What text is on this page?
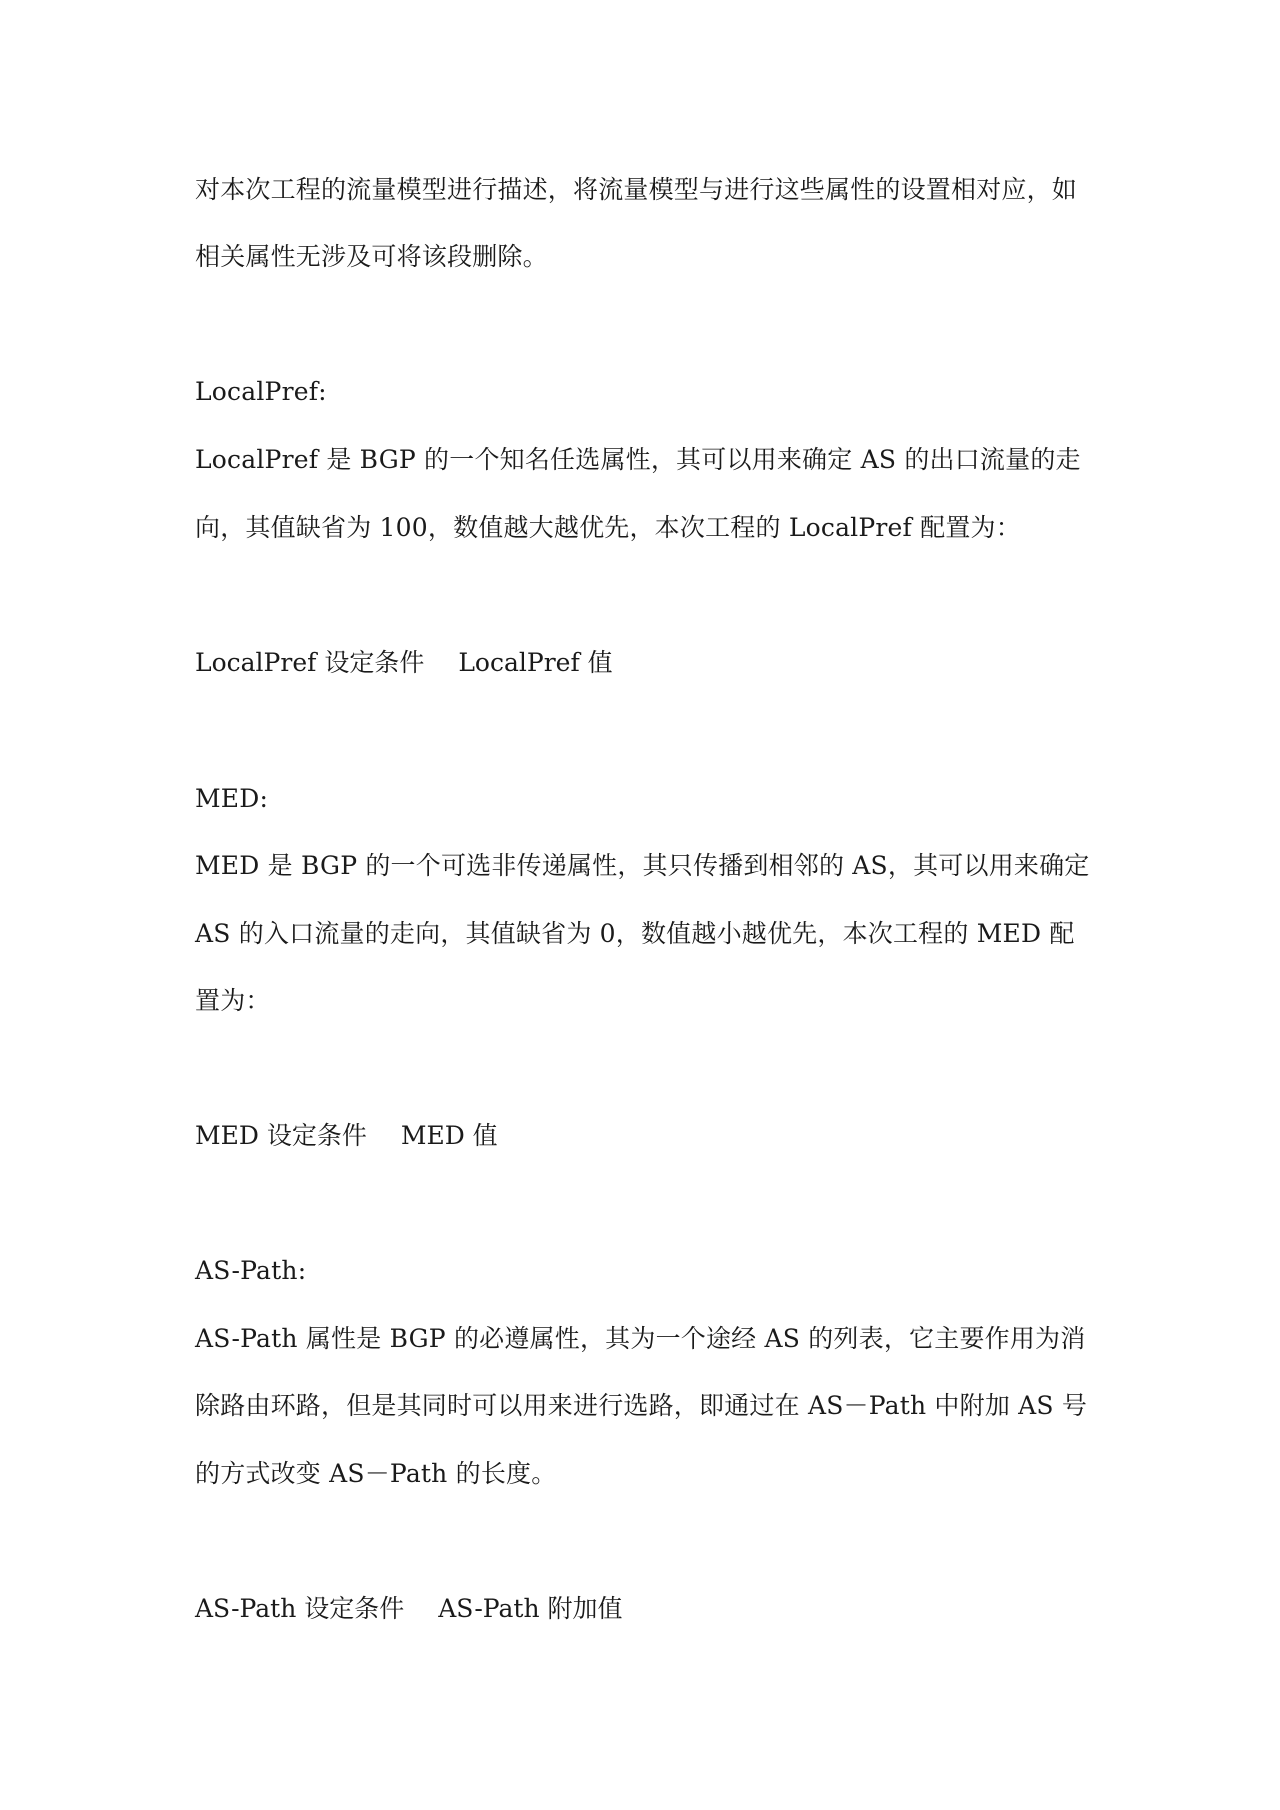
对本次工程的流量模型进行描述，将流量模型与进行这些属性的设置相对应，如
相关属性无涉及可将该段删除。
LocalPref:
LocalPref 是 BGP 的一个知名任选属性，其可以用来确定 AS 的出口流量的走
向，其值缺省为 100，数值越大越优先，本次工程的 LocalPref 配置为：
LocalPref 设定条件 LocalPref 值
MED:
MED 是 BGP 的一个可选非传递属性，其只传播到相邻的 AS，其可以用来确定
AS 的入口流量的走向，其值缺省为 0，数值越小越优先，本次工程的 MED 配
置为：
MED 设定条件 MED 值
AS-Path:
AS-Path 属性是 BGP 的必遵属性，其为一个途经 AS 的列表，它主要作用为消
除路由环路，但是其同时可以用来进行选路，即通过在 AS－Path 中附加 AS 号
的方式改变 AS－Path 的长度。
AS-Path 设定条件 AS-Path 附加值
